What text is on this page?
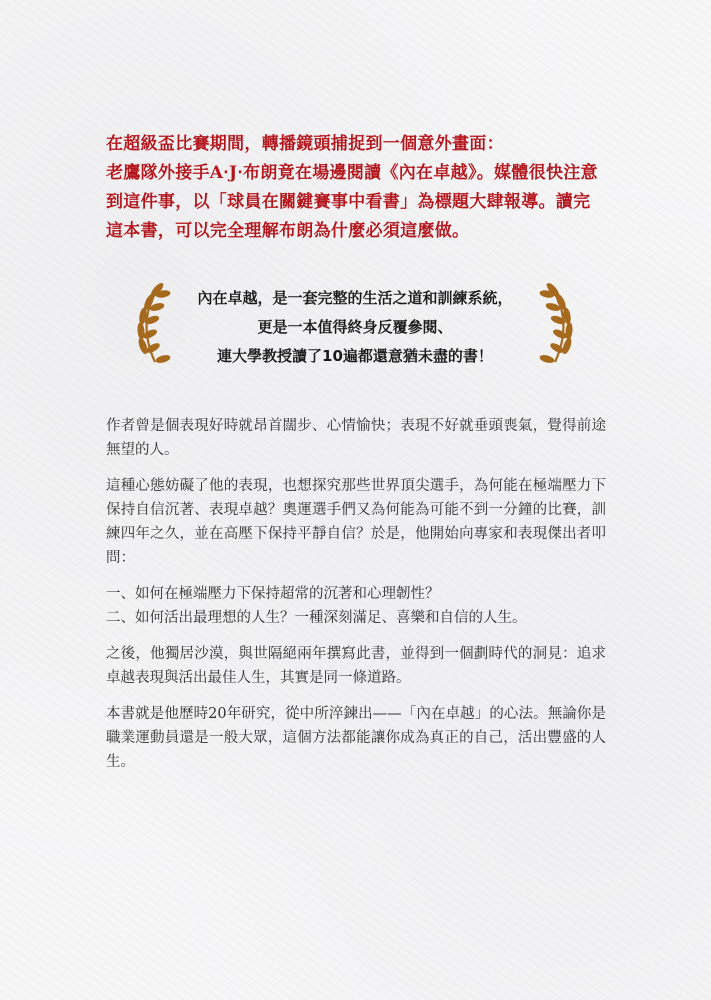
在超級盃比賽期間，轉播鏡頭捕捉到一個意外畫面：

老鷹隊外接手A‧J‧布朗竟在場邊閱讀《內在卓越》。媒體很快注意到這件事，以「球員在關鍵賽事中看書」為標題大肆報導。讀完這本書，可以完全理解布朗為什麼必須這麼做。

內在卓越，是一套完整的生活之道和訓練系統，
更是一本值得終身反覆參閱、
連大學教授讀了10遍都還意猶未盡的書！

作者曾是個表現好時就昂首闊步、心情愉快；表現不好就垂頭喪氣，覺得前途無望的人。

這種心態妨礙了他的表現，也想探究那些世界頂尖選手，為何能在極端壓力下保持自信沉著、表現卓越？奧運選手們又為何能為可能不到一分鐘的比賽，訓練四年之久，並在高壓下保持平靜自信？於是，他開始向專家和表現傑出者叩問：

一、如何在極端壓力下保持超常的沉著和心理韌性？
二、如何活出最理想的人生？一種深刻滿足、喜樂和自信的人生。

之後，他獨居沙漠，與世隔絕兩年撰寫此書，並得到一個劃時代的洞見：追求卓越表現與活出最佳人生，其實是同一條道路。

本書就是他歷時20年研究，從中所淬鍊出——「內在卓越」的心法。無論你是職業運動員還是一般大眾，這個方法都能讓你成為真正的自己，活出豐盛的人生。
